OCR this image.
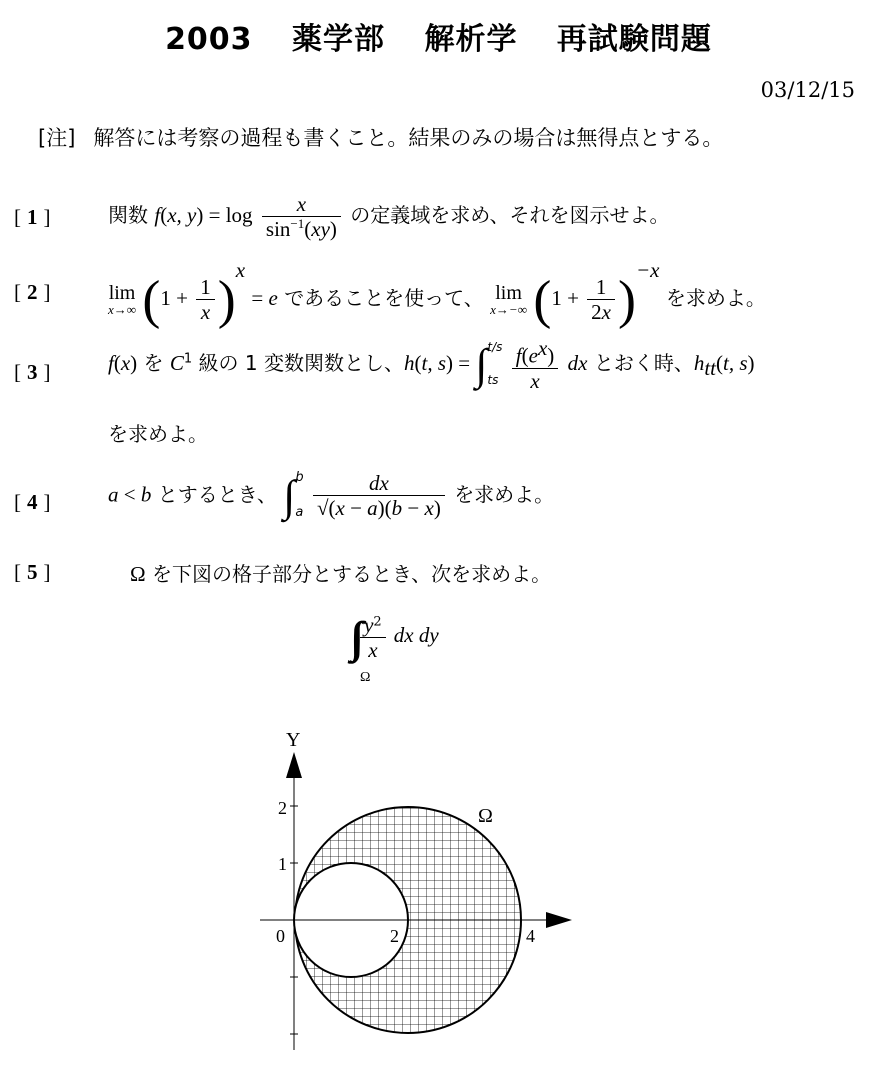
2003 薬学部 解析学 再試験問題
03/12/15
[注] 解答には考察の過程も書くこと。結果のみの場合は無得点とする。
[ 1 ]	関数 f(x, $y) = \log \frac{x}{\sin^{-1}(xy)}$ の定義域を求め、それを図示せよ。
[ 2 ]	lim
x→∞ $(1 + \frac{1}{x} )^x = e$ であることを使って、 lim
x→−∞ $(1 + \frac{1}{2x} )^{-x}$ を求めよ。
[ 3 ]	f(x) を $C^1$ 級の 1 変数関数とし、h(t, s) = ∫ t/s
ts
$\frac{f(e^x)}{x}$ dx とおく時、$h_{tt}(t$, s)
を求めよ。
[ 4 ]	a < b とするとき、 ∫ b
a
$\frac{dx}{√(x - a)(b - x)}$ を求めよ。
[ 5 ]	Ω を下図の格子部分とするとき、次を求めよ。
$\frac{y^2}{x}$ dx dy
Ω
Y
Ω
2
1
0	2	4
